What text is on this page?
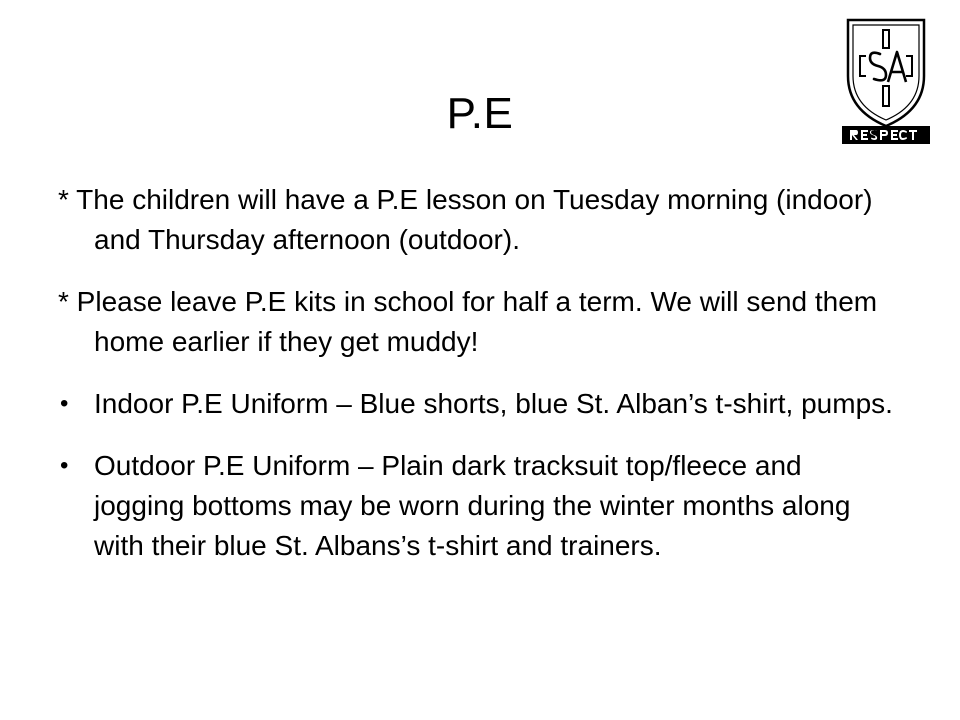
P.E

* The children will have a P.E lesson on Tuesday morning (indoor) and Thursday afternoon (outdoor).

* Please leave P.E kits in school for half a term. We will send them home earlier if they get muddy!

• Indoor P.E Uniform – Blue shorts, blue St. Alban’s t-shirt, pumps.
• Outdoor P.E Uniform – Plain dark tracksuit top/fleece and jogging bottoms may be worn during the winter months along with their blue St. Albans’s t-shirt and trainers.
